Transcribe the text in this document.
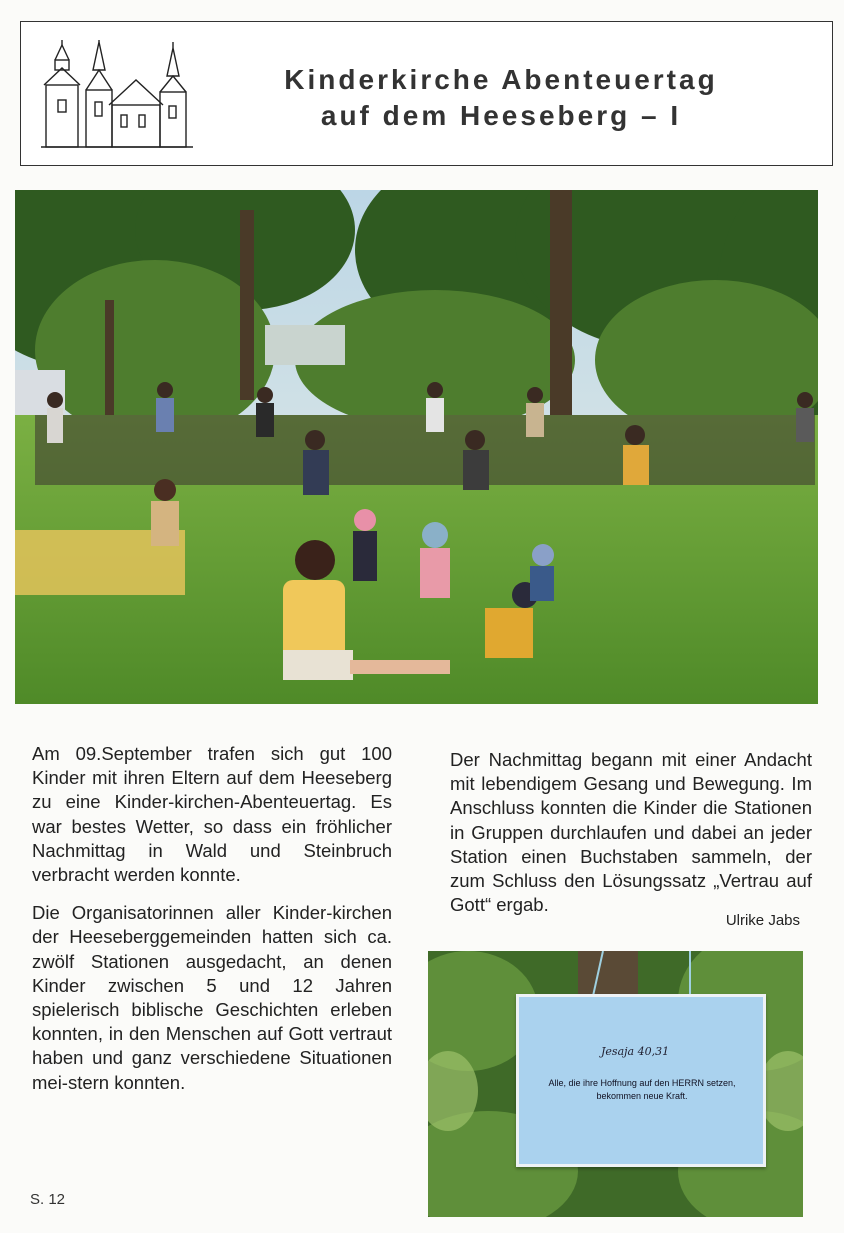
Kinderkirche Abenteuertag
auf dem Heeseberg – I

Am 09.September trafen sich gut 100 Kinder mit ihren Eltern auf dem Heeseberg zu eine Kinder-kirchen-Abenteuertag. Es war bestes Wetter, so dass ein fröhlicher Nachmittag in Wald und Steinbruch verbracht werden konnte.

Die Organisatorinnen aller Kinder-kirchen der Heeseberggemeinden hatten sich ca. zwölf Stationen ausgedacht, an denen Kinder zwischen 5 und 12 Jahren spielerisch biblische Geschichten erleben konnten, in den Menschen auf Gott vertraut haben und ganz verschiedene Situationen mei-stern konnten.

Der Nachmittag begann mit einer Andacht mit lebendigem Gesang und Bewegung. Im Anschluss konnten die Kinder die Stationen in Gruppen durchlaufen und dabei an jeder Station einen Buchstaben sammeln, der zum Schluss den Lösungssatz „Vertrau auf Gott“ ergab.

Ulrike Jabs
Jesaja 40,31
Alle, die ihre Hoffnung auf den HERRN setzen, bekommen neue Kraft.
S. 12
